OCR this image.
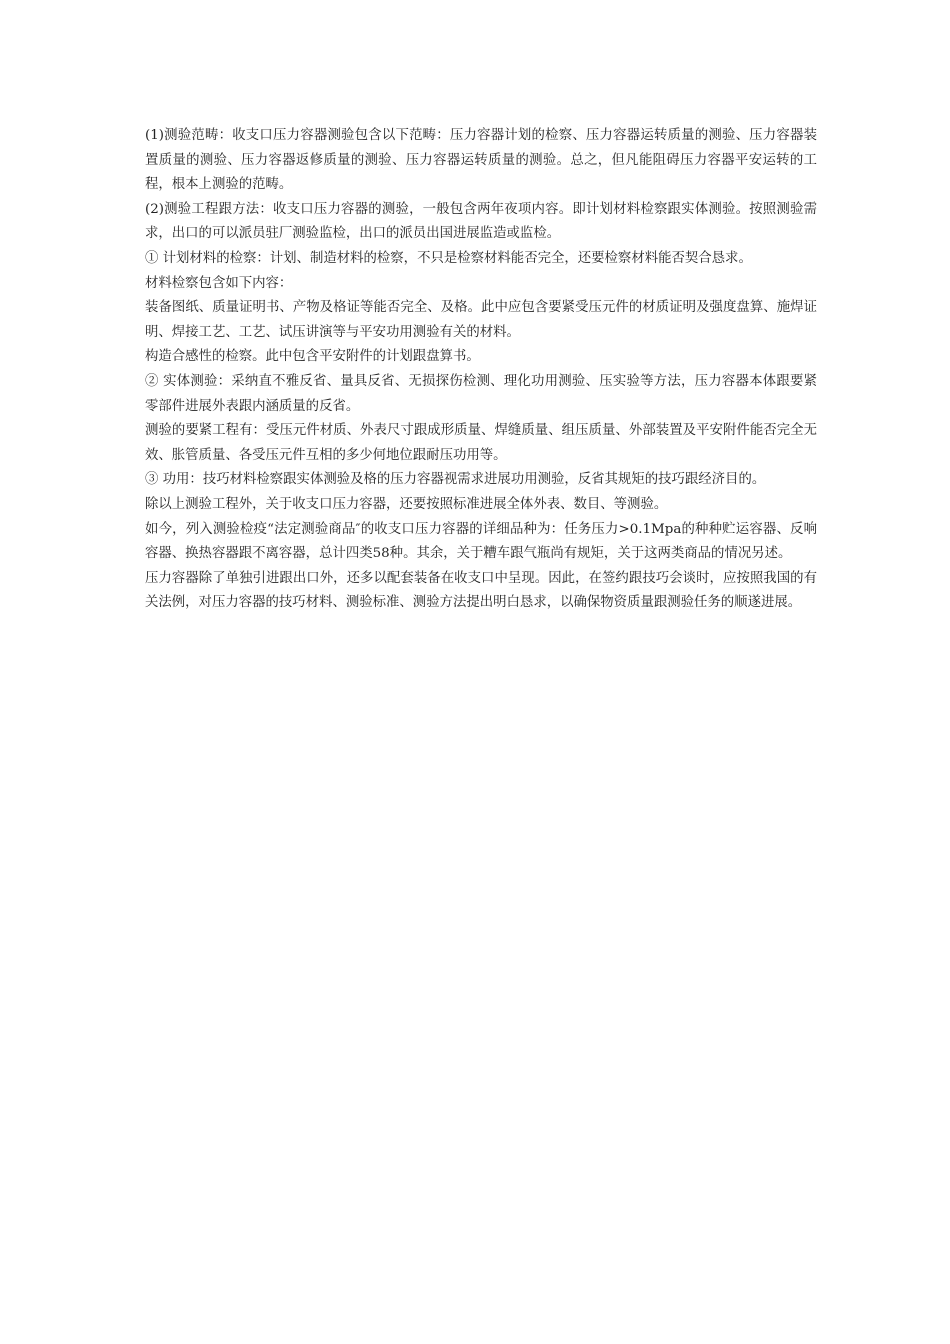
(1)测验范畴：收支口压力容器测验包含以下范畴：压力容器计划的检察、压力容器运转质量的测验、压力容器装置质量的测验、压力容器返修质量的测验、压力容器运转质量的测验。总之，但凡能阻碍压力容器平安运转的工程，根本上测验的范畴。

(2)测验工程跟方法：收支口压力容器的测验，一般包含两年夜项内容。即计划材料检察跟实体测验。按照测验需求，出口的可以派员驻厂测验监检，出口的派员出国进展监造或监检。

① 计划材料的检察：计划、制造材料的检察，不只是检察材料能否完全，还要检察材料能否契合恳求。

材料检察包含如下内容：

装备图纸、质量证明书、产物及格证等能否完全、及格。此中应包含要紧受压元件的材质证明及强度盘算、施焊证明、焊接工艺、工艺、试压讲演等与平安功用测验有关的材料。

构造合感性的检察。此中包含平安附件的计划跟盘算书。

② 实体测验：采纳直不雅反省、量具反省、无损探伤检测、理化功用测验、压实验等方法，压力容器本体跟要紧零部件进展外表跟内涵质量的反省。

测验的要紧工程有：受压元件材质、外表尺寸跟成形质量、焊缝质量、组压质量、外部装置及平安附件能否完全无效、胀管质量、各受压元件互相的多少何地位跟耐压功用等。

③ 功用：技巧材料检察跟实体测验及格的压力容器视需求进展功用测验，反省其规矩的技巧跟经济目的。

除以上测验工程外，关于收支口压力容器，还要按照标准进展全体外表、数目、等测验。

如今，列入测验检疫“法定测验商品″的收支口压力容器的详细品种为：任务压力>0.1Mpa的种种贮运容器、反响容器、换热容器跟不离容器，总计四类58种。其余，关于糟车跟气瓶尚有规矩，关于这两类商品的情况另述。

压力容器除了单独引进跟出口外，还多以配套装备在收支口中呈现。因此，在签约跟技巧会谈时，应按照我国的有关法例，对压力容器的技巧材料、测验标准、测验方法提出明白恳求，以确保物资质量跟测验任务的顺遂进展。
